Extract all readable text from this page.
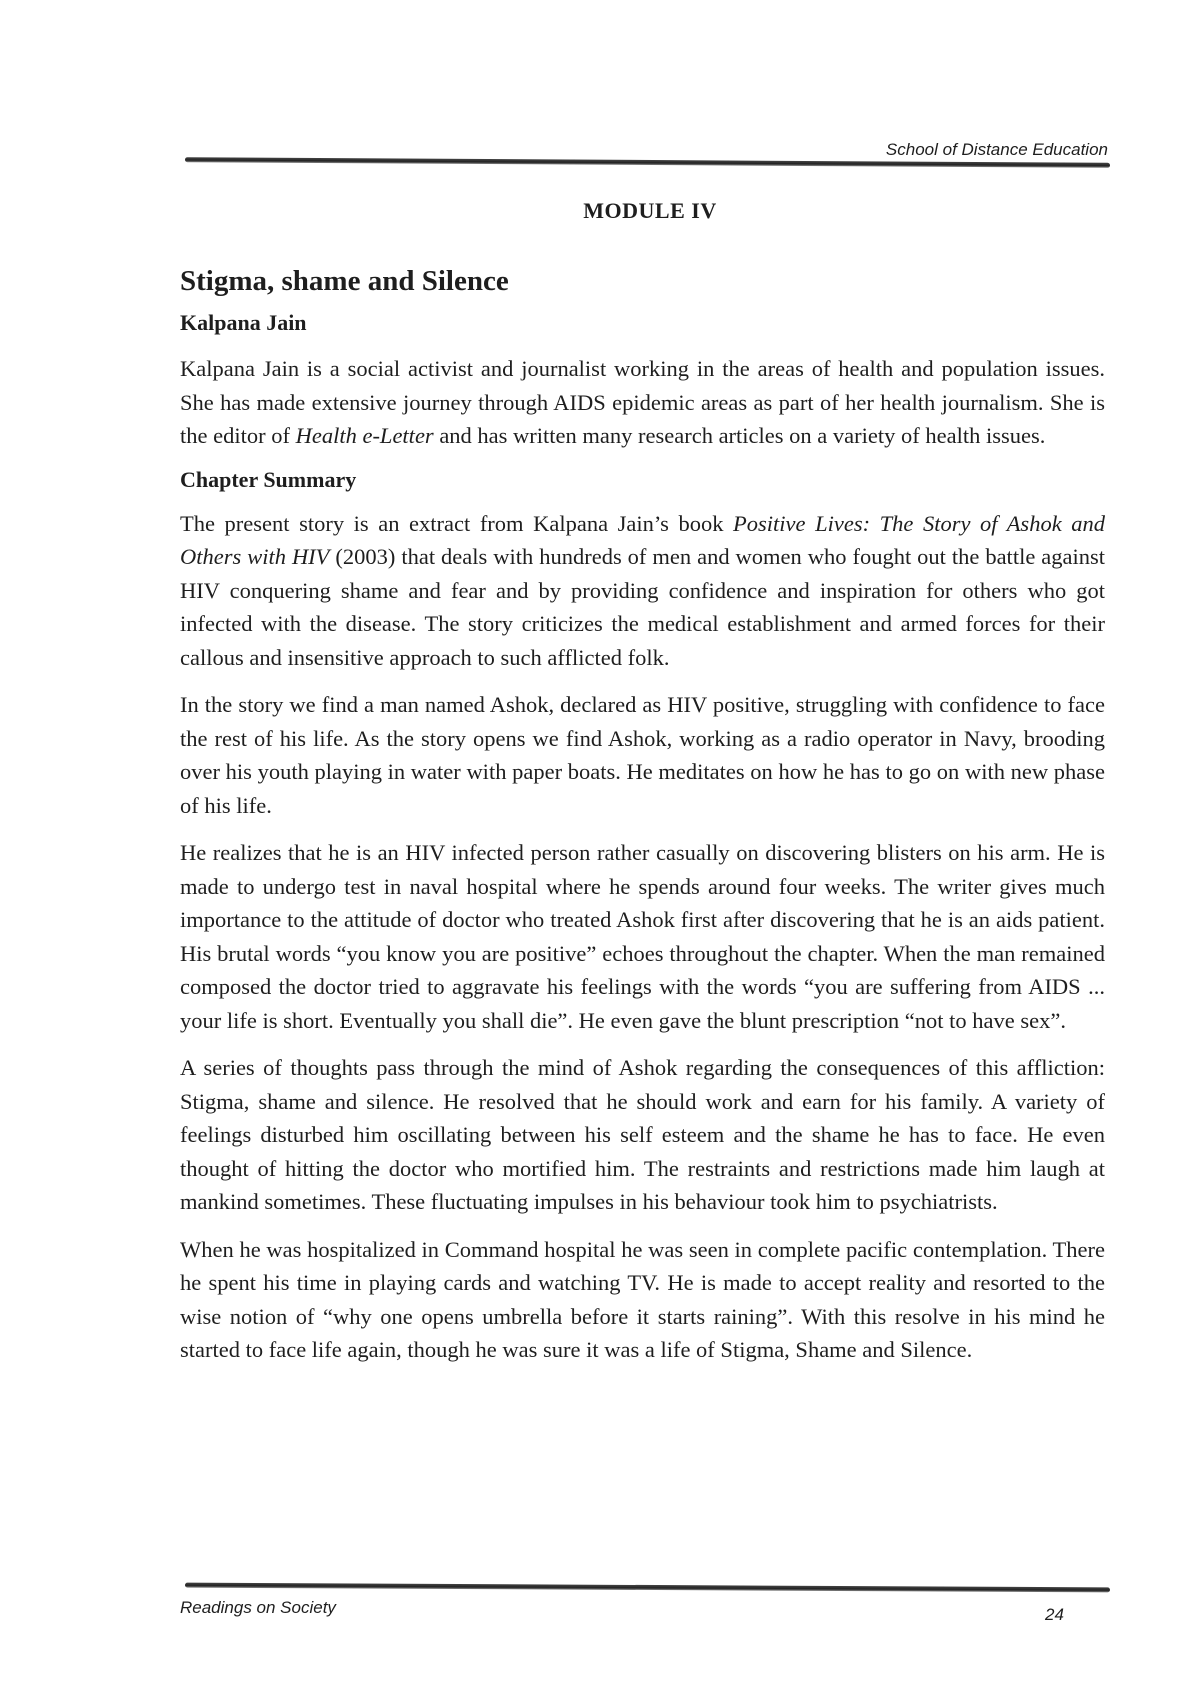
School of Distance Education
MODULE IV
Stigma, shame and Silence
Kalpana Jain

Kalpana Jain is a social activist and journalist working in the areas of health and population issues. She has made extensive journey through AIDS epidemic areas as part of her health journalism. She is the editor of Health e-Letter and has written many research articles on a variety of health issues.

Chapter Summary

The present story is an extract from Kalpana Jain’s book Positive Lives: The Story of Ashok and Others with HIV (2003) that deals with hundreds of men and women who fought out the battle against HIV conquering shame and fear and by providing confidence and inspiration for others who got infected with the disease. The story criticizes the medical establishment and armed forces for their callous and insensitive approach to such afflicted folk.

In the story we find a man named Ashok, declared as HIV positive, struggling with confidence to face the rest of his life. As the story opens we find Ashok, working as a radio operator in Navy, brooding over his youth playing in water with paper boats. He meditates on how he has to go on with new phase of his life.

He realizes that he is an HIV infected person rather casually on discovering blisters on his arm. He is made to undergo test in naval hospital where he spends around four weeks. The writer gives much importance to the attitude of doctor who treated Ashok first after discovering that he is an aids patient. His brutal words “you know you are positive” echoes throughout the chapter. When the man remained composed the doctor tried to aggravate his feelings with the words “you are suffering from AIDS ... your life is short. Eventually you shall die”. He even gave the blunt prescription “not to have sex”.

A series of thoughts pass through the mind of Ashok regarding the consequences of this affliction: Stigma, shame and silence. He resolved that he should work and earn for his family. A variety of feelings disturbed him oscillating between his self esteem and the shame he has to face. He even thought of hitting the doctor who mortified him. The restraints and restrictions made him laugh at mankind sometimes. These fluctuating impulses in his behaviour took him to psychiatrists.

When he was hospitalized in Command hospital he was seen in complete pacific contemplation. There he spent his time in playing cards and watching TV. He is made to accept reality and resorted to the wise notion of “why one opens umbrella before it starts raining”. With this resolve in his mind he started to face life again, though he was sure it was a life of Stigma, Shame and Silence.

Readings on Society	24
